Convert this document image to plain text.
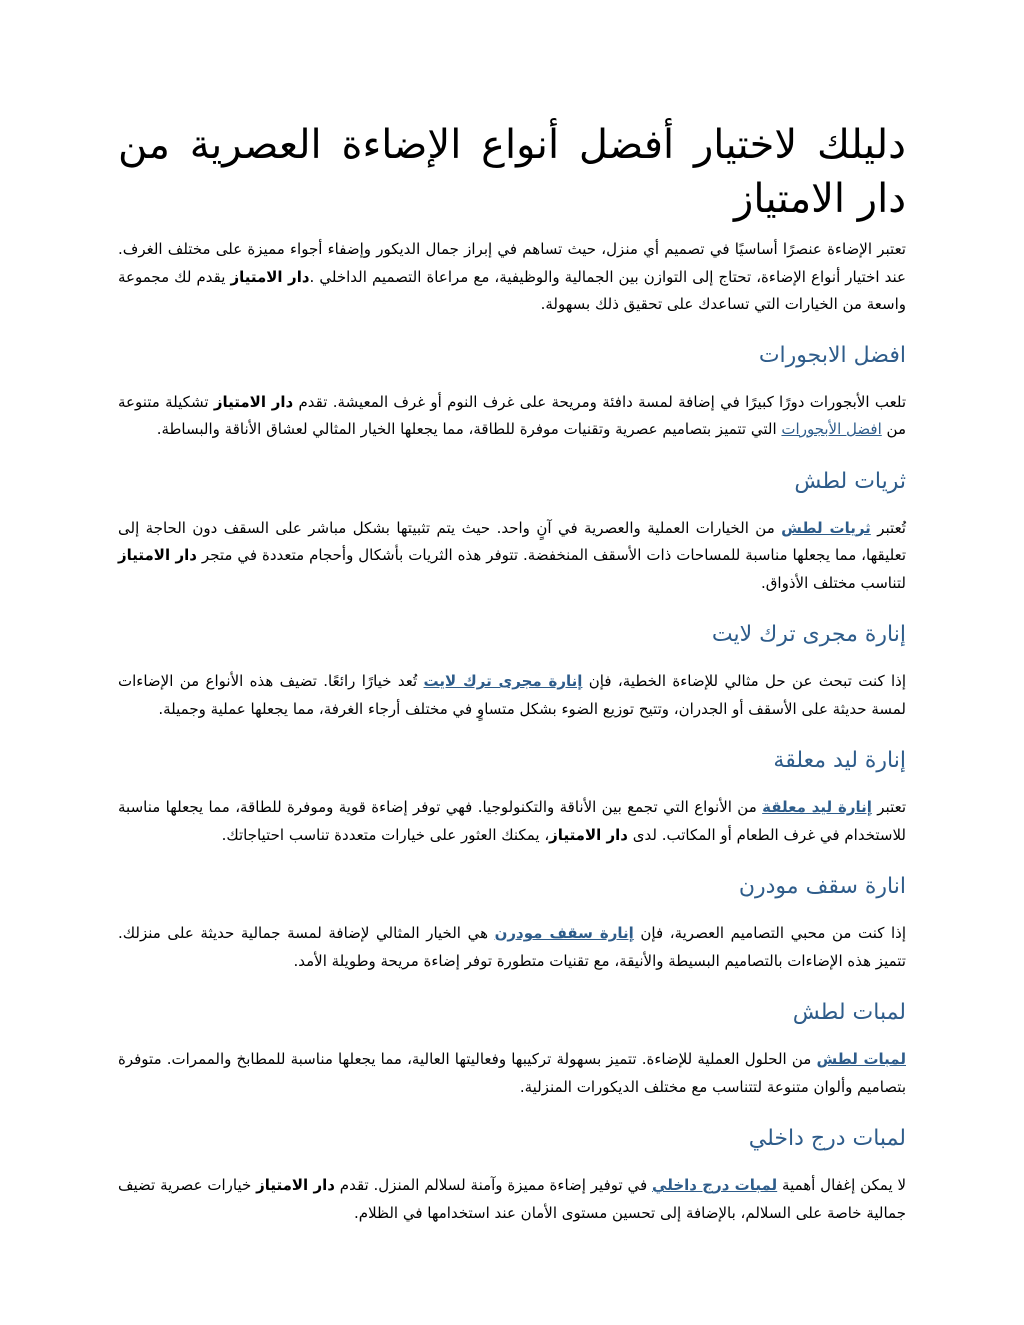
دليلك لاختيار أفضل أنواع الإضاءة العصرية من دار الامتياز

تعتبر الإضاءة عنصرًا أساسيًا في تصميم أي منزل، حيث تساهم في إبراز جمال الديكور وإضفاء أجواء مميزة على مختلف الغرف. عند اختيار أنواع الإضاءة، تحتاج إلى التوازن بين الجمالية والوظيفية، مع مراعاة التصميم الداخلي .دار الامتياز يقدم لك مجموعة واسعة من الخيارات التي تساعدك على تحقيق ذلك بسهولة.

افضل الابجورات

تلعب الأبجورات دورًا كبيرًا في إضافة لمسة دافئة ومريحة على غرف النوم أو غرف المعيشة. تقدم دار الامتياز تشكيلة متنوعة من افضل الأبجورات التي تتميز بتصاميم عصرية وتقنيات موفرة للطاقة، مما يجعلها الخيار المثالي لعشاق الأناقة والبساطة.

ثريات لطش

تُعتبر ثريات لطش من الخيارات العملية والعصرية في آنٍ واحد. حيث يتم تثبيتها بشكل مباشر على السقف دون الحاجة إلى تعليقها، مما يجعلها مناسبة للمساحات ذات الأسقف المنخفضة. تتوفر هذه الثريات بأشكال وأحجام متعددة في متجر دار الامتياز لتناسب مختلف الأذواق.

إنارة مجرى ترك لايت

إذا كنت تبحث عن حل مثالي للإضاءة الخطية، فإن إنارة مجرى ترك لايت تُعد خيارًا رائعًا. تضيف هذه الأنواع من الإضاءات لمسة حديثة على الأسقف أو الجدران، وتتيح توزيع الضوء بشكل متساوٍ في مختلف أرجاء الغرفة، مما يجعلها عملية وجميلة.

إنارة ليد معلقة

تعتبر إنارة ليد معلقة من الأنواع التي تجمع بين الأناقة والتكنولوجيا. فهي توفر إضاءة قوية وموفرة للطاقة، مما يجعلها مناسبة للاستخدام في غرف الطعام أو المكاتب. لدى دار الامتياز، يمكنك العثور على خيارات متعددة تناسب احتياجاتك.

انارة سقف مودرن

إذا كنت من محبي التصاميم العصرية، فإن إنارة سقف مودرن هي الخيار المثالي لإضافة لمسة جمالية حديثة على منزلك. تتميز هذه الإضاءات بالتصاميم البسيطة والأنيقة، مع تقنيات متطورة توفر إضاءة مريحة وطويلة الأمد.

لمبات لطش

لمبات لطش من الحلول العملية للإضاءة. تتميز بسهولة تركيبها وفعاليتها العالية، مما يجعلها مناسبة للمطابخ والممرات. متوفرة بتصاميم وألوان متنوعة لتتناسب مع مختلف الديكورات المنزلية.

لمبات درج داخلي

لا يمكن إغفال أهمية لمبات درج داخلي في توفير إضاءة مميزة وآمنة لسلالم المنزل. تقدم دار الامتياز خيارات عصرية تضيف جمالية خاصة على السلالم، بالإضافة إلى تحسين مستوى الأمان عند استخدامها في الظلام.
